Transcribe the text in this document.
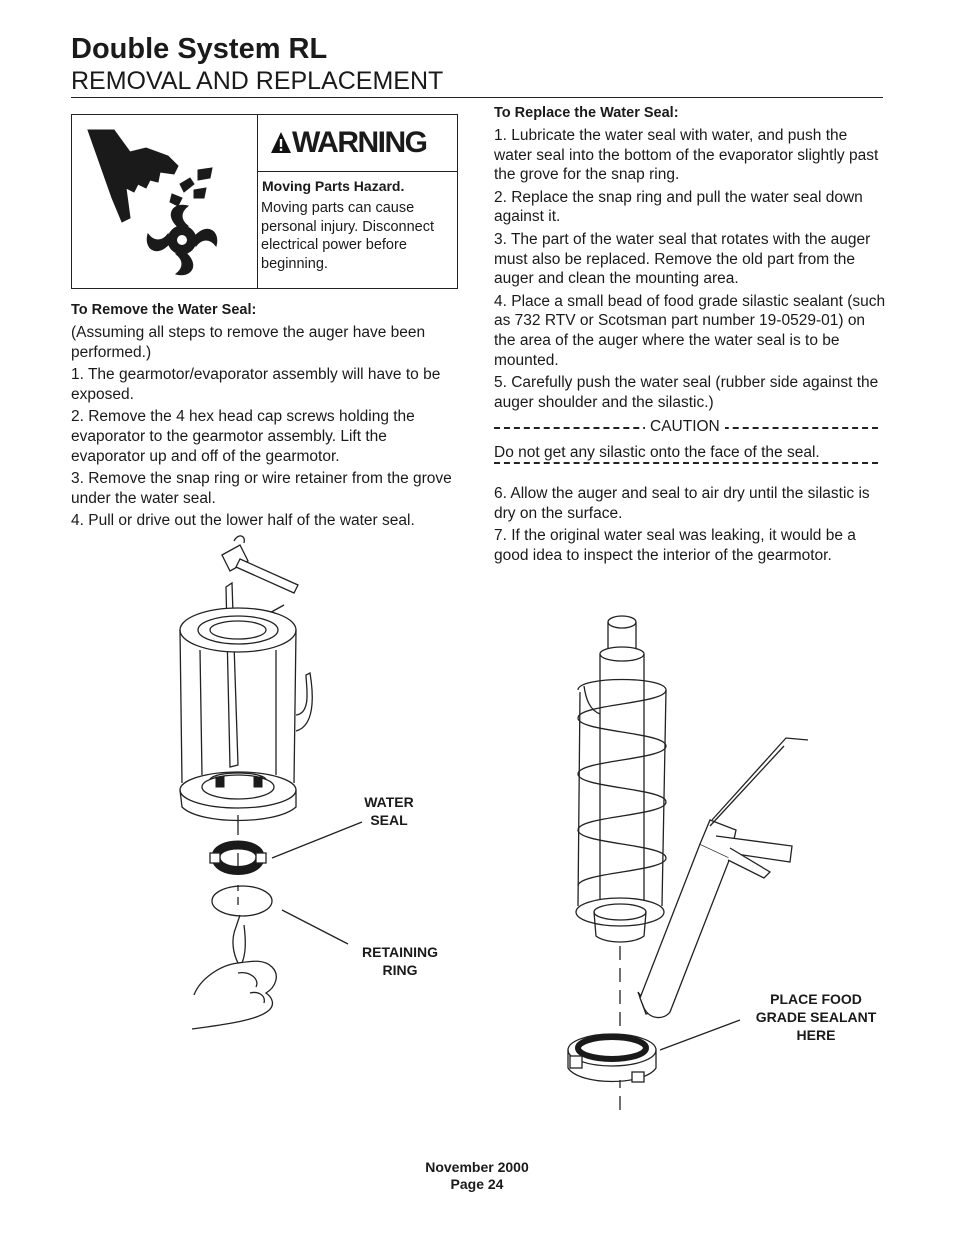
Double System RL
REMOVAL AND REPLACEMENT
WARNING
Moving Parts Hazard.
Moving parts can cause personal injury. Disconnect electrical power before beginning.

To Remove the Water Seal:

(Assuming all steps to remove the auger have been performed.)

1. The gearmotor/evaporator assembly will have to be exposed.

2. Remove the 4 hex head cap screws holding the evaporator to the gearmotor assembly. Lift the evaporator up and off of the gearmotor.

3. Remove the snap ring or wire retainer from the grove under the water seal.

4. Pull or drive out the lower half of the water seal.

To Replace the Water Seal:

1. Lubricate the water seal with water, and push the water seal into the bottom of the evaporator slightly past the grove for the snap ring.

2. Replace the snap ring and pull the water seal down against it.

3. The part of the water seal that rotates with the auger must also be replaced. Remove the old part from the auger and clean the mounting area.

4. Place a small bead of food grade silastic sealant (such as 732 RTV or Scotsman part number 19-0529-01) on the area of the auger where the water seal is to be mounted.

5. Carefully push the water seal (rubber side against the auger shoulder and the silastic.)

CAUTION
Do not get any silastic onto the face of the seal.

6. Allow the auger and seal to air dry until the silastic is dry on the surface.

7. If the original water seal was leaking, it would be a good idea to inspect the interior of the gearmotor.

WATER
SEAL
RETAINING
RING
PLACE FOOD
GRADE SEALANT
HERE
November 2000
Page 24
